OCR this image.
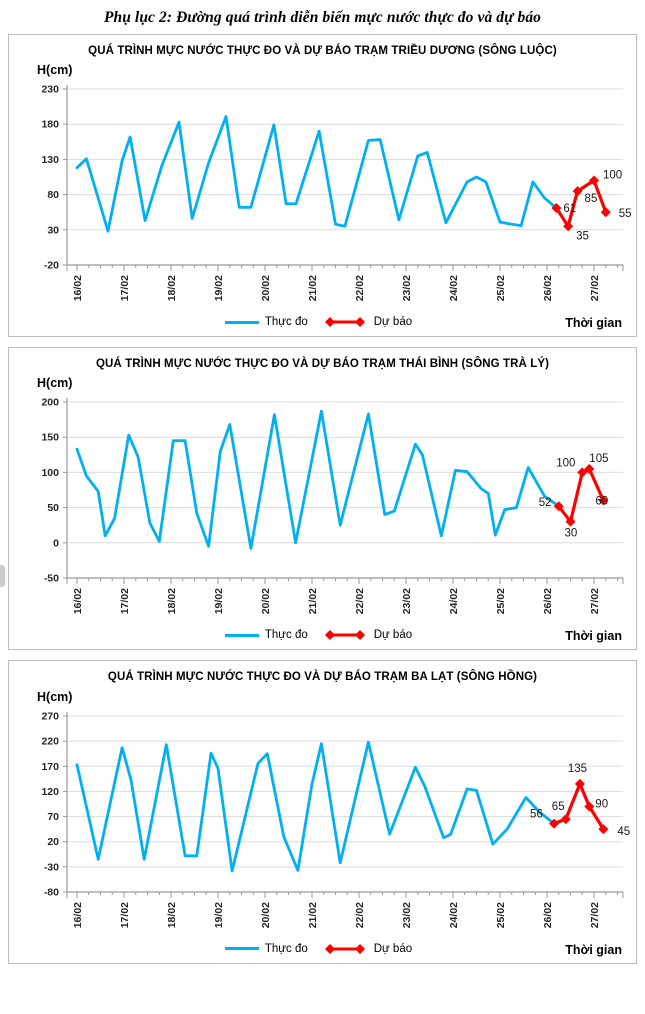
Phụ lục 2: Đường quá trình diễn biến mực nước thực đo và dự báo
QUÁ TRÌNH MỰC NƯỚC THỰC ĐO VÀ DỰ BÁO TRẠM TRIỀU DƯƠNG (SÔNG LUỘC)
H(cm)
230
180
130
80
30
-20
16/02	17/02	18/02	19/02	20/02	21/02	22/02	23/02	24/02	25/02	26/02	27/02
61
35
85
100
55
Thực đo	Dự báo	Thời gian
QUÁ TRÌNH MỰC NƯỚC THỰC ĐO VÀ DỰ BÁO TRẠM THÁI BÌNH (SÔNG TRÀ LÝ)
H(cm)
200
150
100
50
0
-50
16/02	17/02	18/02	19/02	20/02	21/02	22/02	23/02	24/02	25/02	26/02	27/02
52
30
100 105
60
Thực đo	Dự báo	Thời gian
QUÁ TRÌNH MỰC NƯỚC THỰC ĐO VÀ DỰ BÁO TRẠM BA LẠT (SÔNG HỒNG)
H(cm)
270
220
170
120
70
20
-30
-80
16/02	17/02	18/02	19/02	20/02	21/02	22/02	23/02	24/02	25/02	26/02	27/02
56
65
135
90
45
Thực đo	Dự báo	Thời gian
